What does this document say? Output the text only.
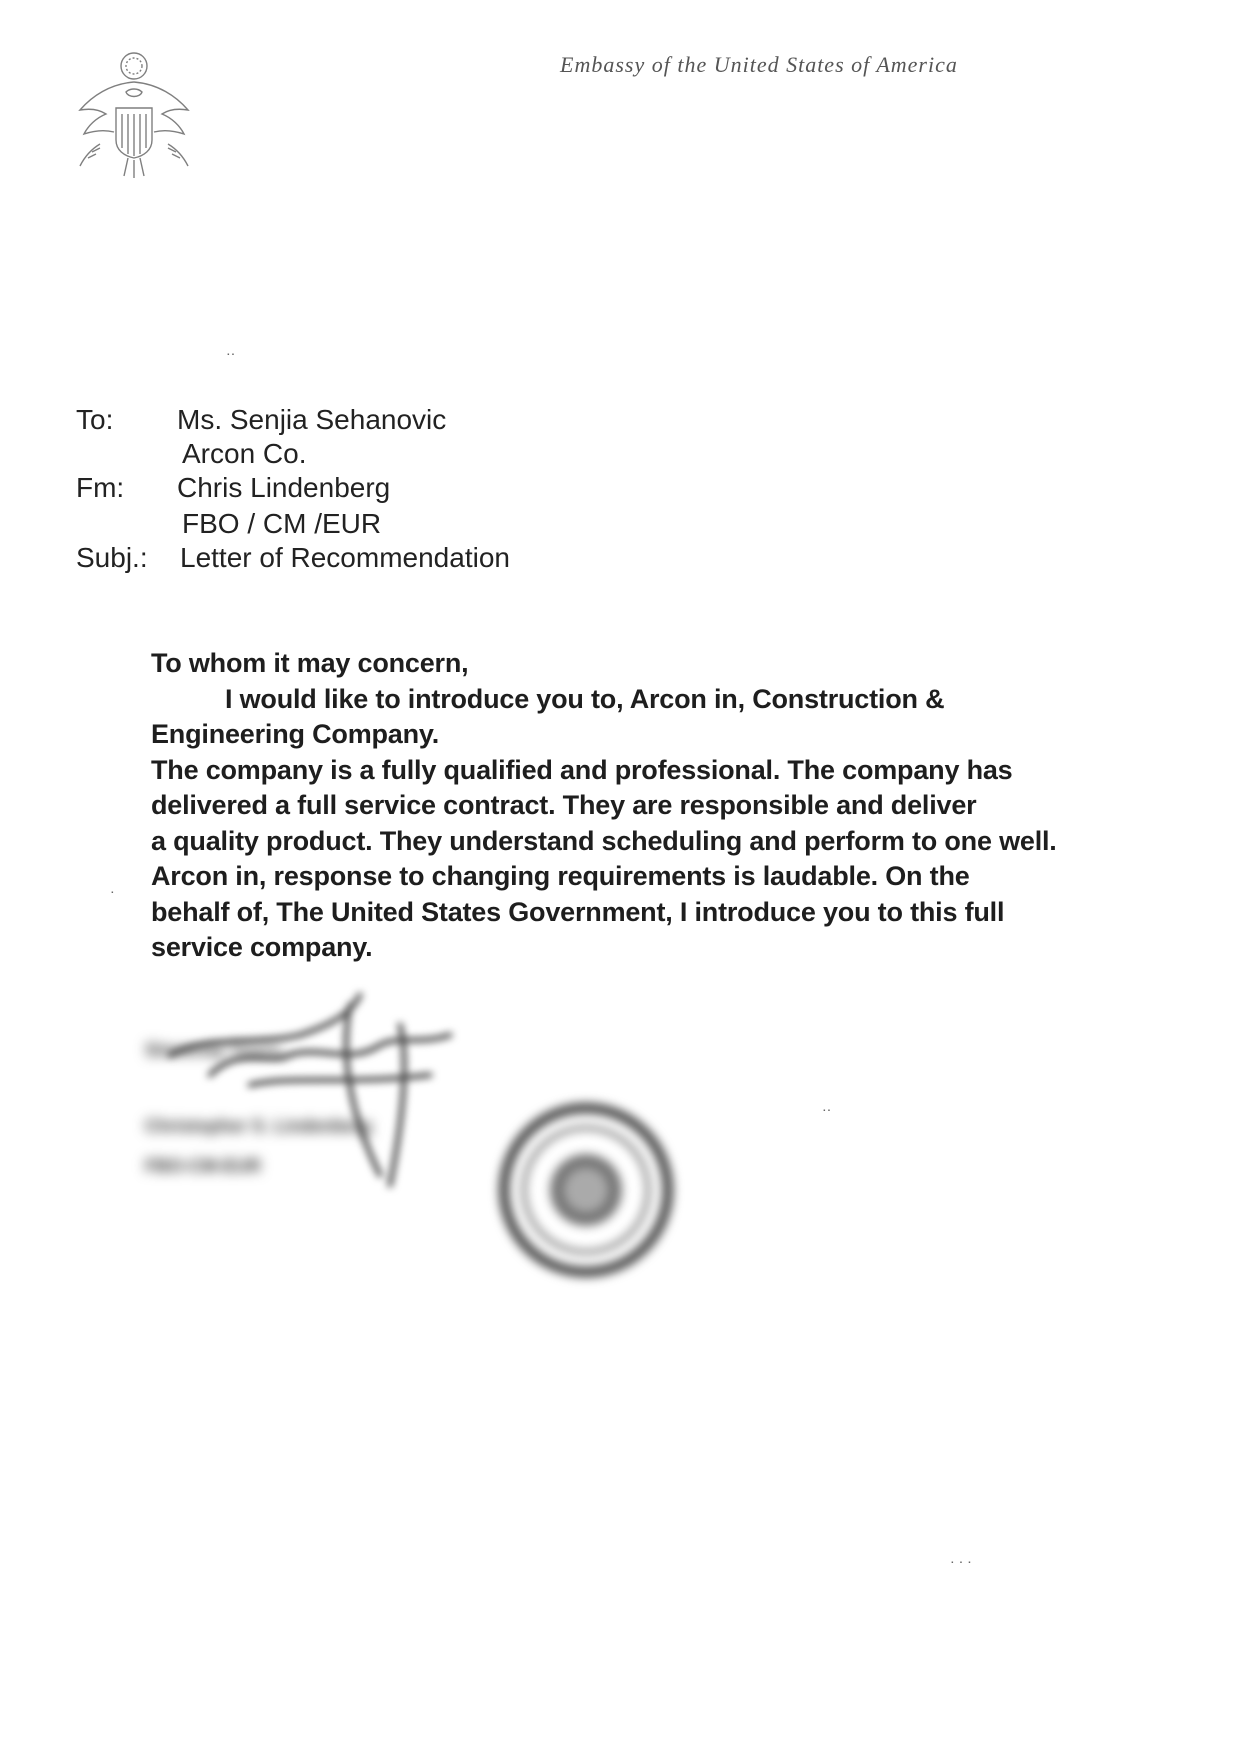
Embassy of the United States of America
․․
To: Ms. Senjia Sehanovic
Arcon Co.
Fm: Chris Lindenberg
FBO / CM /EUR
Subj.: Letter of Recommendation

To whom it may concern,

I would like to introduce you to, Arcon in, Construction &

Engineering Company.

The company is a fully qualified and professional. The company has

delivered a full service contract. They are responsible and deliver

a quality product. They understand scheduling and perform to one well.

Arcon in, response to changing requirements is laudable. On the

behalf of, The United States Government, I introduce you to this full

service company.

Sincerely Yours,
Christopher S. Lindenberg
FBO-CM-EUR
․․
․ ․ ․
․
